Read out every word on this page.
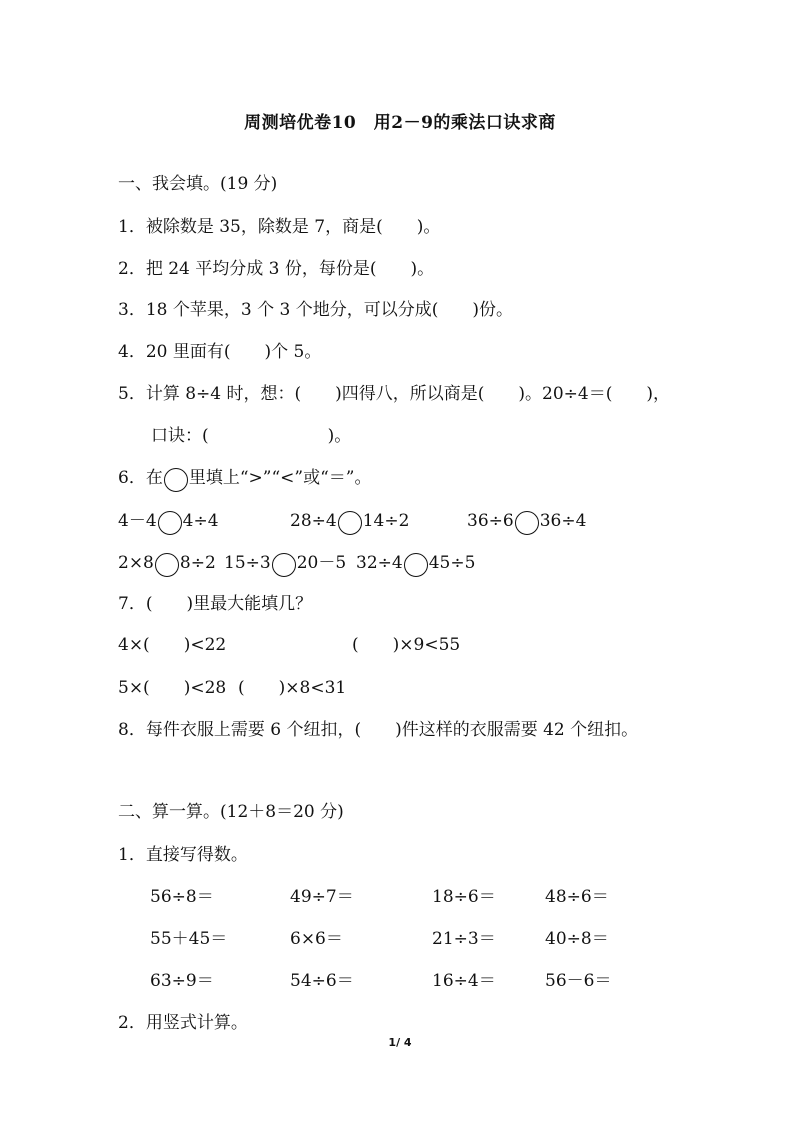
周测培优卷10　用2－9的乘法口诀求商
一、我会填。(19 分)
1．被除数是 35，除数是 7，商是(　　)。
2．把 24 平均分成 3 份，每份是(　　)。
3．18 个苹果，3 个 3 个地分，可以分成(　　)份。
4．20 里面有(　　)个 5。
5．计算 8÷4 时，想：(　　)四得八，所以商是(　　)。20÷4＝(　　)，
口诀：(　　　　　　　)。
6．在 里填上“>”“<”或“＝”。
4－4 4÷4	28÷4 14÷2	36÷6 36÷4
2×8 8÷2 15÷3 20－5 32÷4 45÷5
7．(　　)里最大能填几？
4×(　　)<22	(　　)×9<55
5×(　　)<28 (　　)×8<31
8．每件衣服上需要 6 个纽扣，(　　)件这样的衣服需要 42 个纽扣。
二、算一算。(12＋8＝20 分)
1．直接写得数。
56÷8＝	49÷7＝	18÷6＝	48÷6＝
55＋45＝	6×6＝	21÷3＝	40÷8＝
63÷9＝	54÷6＝	16÷4＝	56－6＝
2．用竖式计算。
1/ 4
